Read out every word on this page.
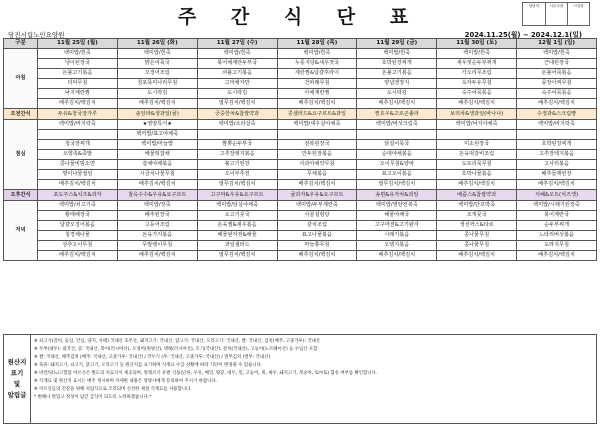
주 간 식 단 표	담당자	사무국장	시설장
당진시립노인요양원	2024.11.25(월) ~ 2024.12.1(일)
구분	11월 25일 (월)	11월 26일 (화)	11월 27일 (수)	11월 28일 (목)	11월 29일 (금)	11월 30일 (토)	12월 1일 (일)
아침	백미밥/흰죽	백미밥/흰죽	백미밥/흰죽	백미밥/흰죽	백미밥/흰죽	백미밥/흰죽	백미밥/흰죽
	냉이된장국	맑은어묵국	북어채계란두부국	누룽지탕&새우젓국	호박된장찌개	새우젓순두부찌개	근대된장국
	돈불고기볶음	오징어조림	쇠불고기볶음	계란찜&달걀후라이	돈불고기볶음	가오리무조림	돈불어묵볶음
	더덕무침	청포묵미나리무침	고마채자반	건파래무침	양념엔장지	옥자두유무침	뭉장아찌무침
	낙지계란찜	도시락김	도시락김	아채계란찜	도시락김	숙주어묵볶음	숙주어묵볶음
	배추김치/백김치	배추김치/백김치	열무김치/백김치	배추김치/백김치	배추김치/백김치	배추김치/백김치	배추김치/백김치
오전간식	두유&청국장가루	솔앙파&생과일(귤)	궁중한차&찹쌀약과	콩샐러드&요구르트&과일	찐호우&고르곤졸라	보리차&생과일(바나나)	수정과&스크림빵
점심	백미밥/바지락죽	★영양특식★	백미밥/소라살죽	백미밥/새우살야채죽	백미밥/버섯크림죽	백미밥/낙지야채죽	백미밥/바지락죽
		백미밥/표고야채죽					
	청국장찌개	백미밥/마늘밥	짬뽕순두부국	전복된장국	닭설어묵국	미소된장국	호박된장찌개
	오향족&족발	해물떡잡채	고추장돼지볶음	만두된장볶음	순대야채볶음	돈육떡갈비조림	고추장돼지볶음
	콩나물비빔소면	잡채야채볶음	불고기된장	사과야채약무침	오이무침&양파	도토리묵무침	고사리볶음
	명이나물절임	시금치나물무침	오이부추전	무채볶음	표고오이볶음	호박나물볶음	배추들깨된장
	배추김치/백김치	배추김치/백김치	열무김치/백김치	배추김치/백김치	열무김치/백김치	배추김치/백김치	배추김치/백김치
오후간식	포도주스&치즈&과자	찰옥수수&우유&요구르트	고구마&우유&요구르트	귤과자&우유&요구르트	송편&유자차&과일	배즙스&찹쌀약과	식혜&오트(치즈캣)
저녁	백미밥/쇠고기죽	백미밥/잣죽	백미밥/닭살야채죽	백미밥/두부계란죽	백미밥/영양전복죽	백미밥/단호박죽	백미밥/시래기된장죽
	황태해장국	배추된장국	소고기뭇국	사골설렁탕	해물야채국	조개뭇국	북어계란국
	달걀오징어볶음	고등어조림	돈육찜&새우볶음	갈치조림	고구마전&고기완자	생선까스&타르	순두부찌개
	청경채나물	돈육가지볶음	해물완자전&해물	표고나물볶음	시래기볶음	콩나물무침	느타리버섯볶음
	상추오이무침	무말랭이무침	과일샐러드	마늘쫑무침	오뎅지볶음	콩나물무침	도라지무침
	배추김치/백김치	배추김치/백김치	열무김치/백김치	배추김치/백김치	배추김치/백김치	배추김치/백김치	배추김치/백김치
원산지
표기
및
알림글
※ 쇠고기(갈비, 등심, 안심, 양지, 사태) 국내산 호주산, 돼지고기: 국내산, 닭고기: 국내산, 오리고기: 국내산, 쌀: 국내산, 김치(배추, 고춧가루): 국내산
※ 두부(대두): 외국산, 콩: 국내산, 북어(러시아산), 오징어(원양산), 명태(러시아산), 조기(국내산), 갈치(국내산), 고등어(노르웨이산) 등 수입산 포함
※ 쌀: 국내산, 배추김치 (배추: 국내산, 고춧가루: 국내산) / 깍두기 (무: 국내산, 고춧가루: 국내산) / 열무김치 (열무: 국내산)
※ 육류: 돼지고기, 쇠고기, 닭고기, 오리고기 등 원산지를 표기하며 식재료 수급 상황에 따라 식단이 변경될 수 있습니다.
※ 비만/당뇨/고혈압 어르신은 별도의 치료식이 제공되며, 알레르기 유발 식품(난류, 우유, 메밀, 땅콩, 대두, 밀, 고등어, 게, 새우, 돼지고기, 복숭아, 토마토) 함유 여부를 확인합니다.
※ 식재료 및 원산지 표시는 매주 게시하며 자세한 내용은 영양사에게 문의하여 주시기 바랍니다.
※ 어르신들의 건강을 위해 저염식으로 조리되며 신선한 제철 식재료를 사용합니다.
* 변해나 맛있고 정성이 담긴 급식이 되도록 노력하겠습니다.*
